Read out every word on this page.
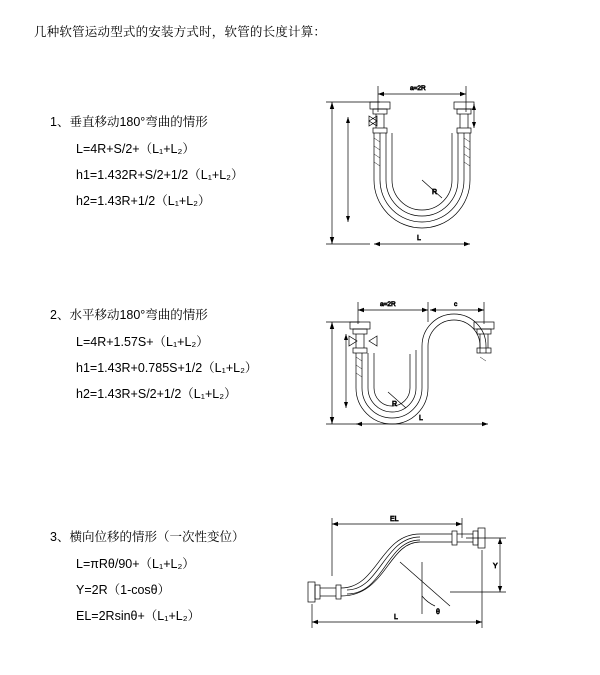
几种软管运动型式的安装方式时，软管的长度计算：
1、垂直移动180°弯曲的情形
L=4R+S/2+（L₁+L₂）
h1=1.432R+S/2+1/2（L₁+L₂）
h2=1.43R+1/2（L₁+L₂）
a=2R
R
L
2、水平移动180°弯曲的情形
L=4R+1.57S+（L₁+L₂）
h1=1.43R+0.785S+1/2（L₁+L₂）
h2=1.43R+S/2+1/2（L₁+L₂）
a=2R	c
R
L
3、横向位移的情形（一次性变位）
L=πRθ/90+（L₁+L₂）
Y=2R（1-cosθ）
EL=2Rsinθ+（L₁+L₂）
EL
Y
θ
L
